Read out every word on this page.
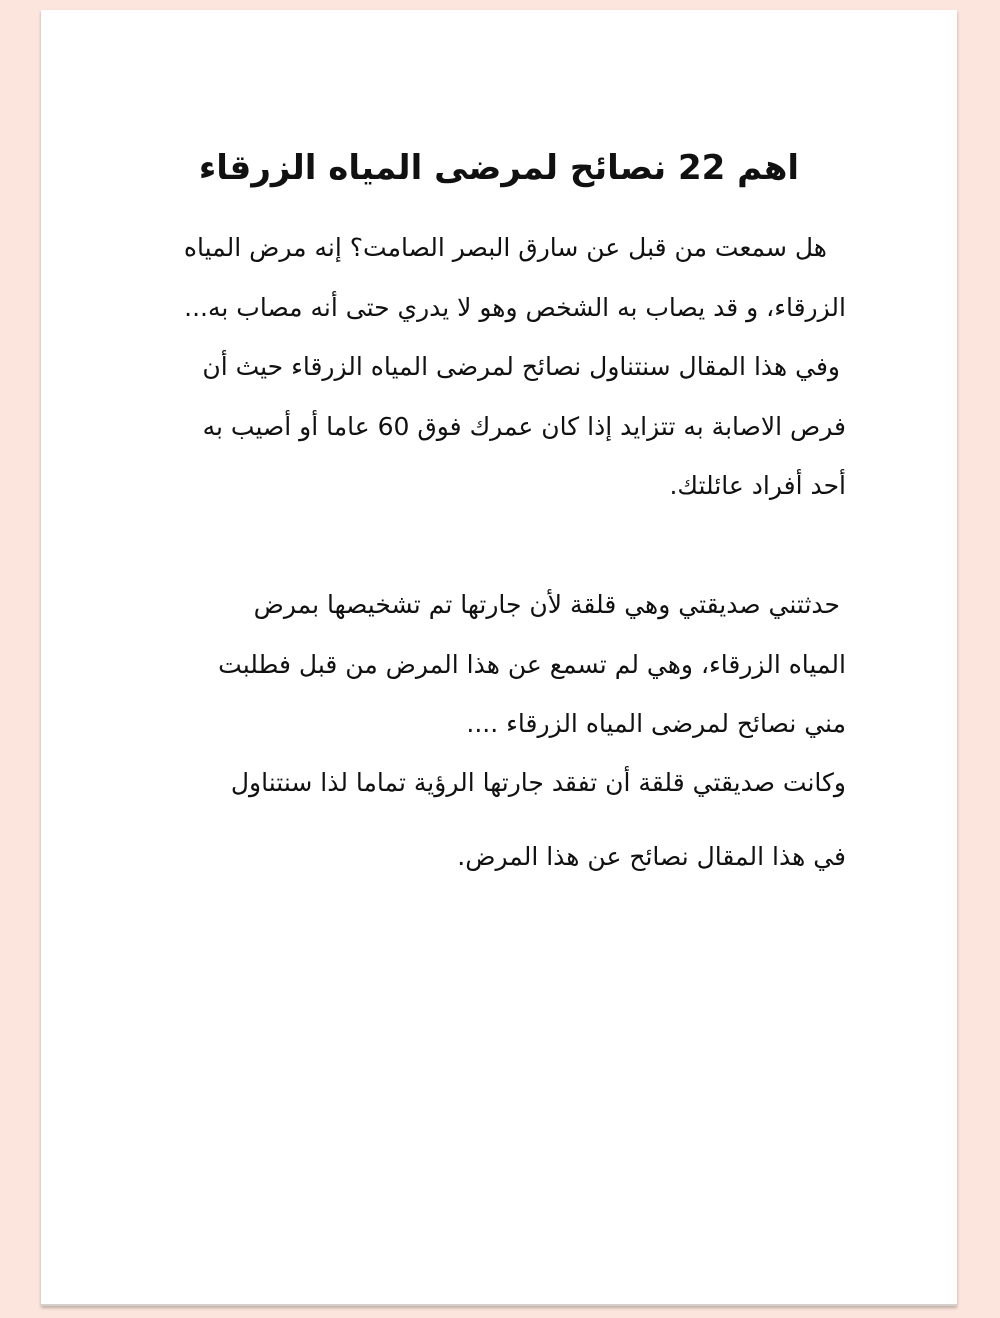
اهم 22 نصائح لمرضى المياه الزرقاء

هل سمعت من قبل عن سارق البصر الصامت؟ إنه مرض المياه

الزرقاء، و قد يصاب به الشخص وهو لا يدري حتى أنه مصاب به...

وفي هذا المقال سنتناول نصائح لمرضى المياه الزرقاء حيث أن

فرص الاصابة به تتزايد إذا كان عمرك فوق 60 عاما أو أصيب به

أحد أفراد عائلتك.

حدثتني صديقتي وهي قلقة لأن جارتها تم تشخيصها بمرض

المياه الزرقاء، وهي لم تسمع عن هذا المرض من قبل فطلبت

مني نصائح لمرضى المياه الزرقاء ....

وكانت صديقتي قلقة أن تفقد جارتها الرؤية تماما لذا سنتناول

في هذا المقال نصائح عن هذا المرض.
